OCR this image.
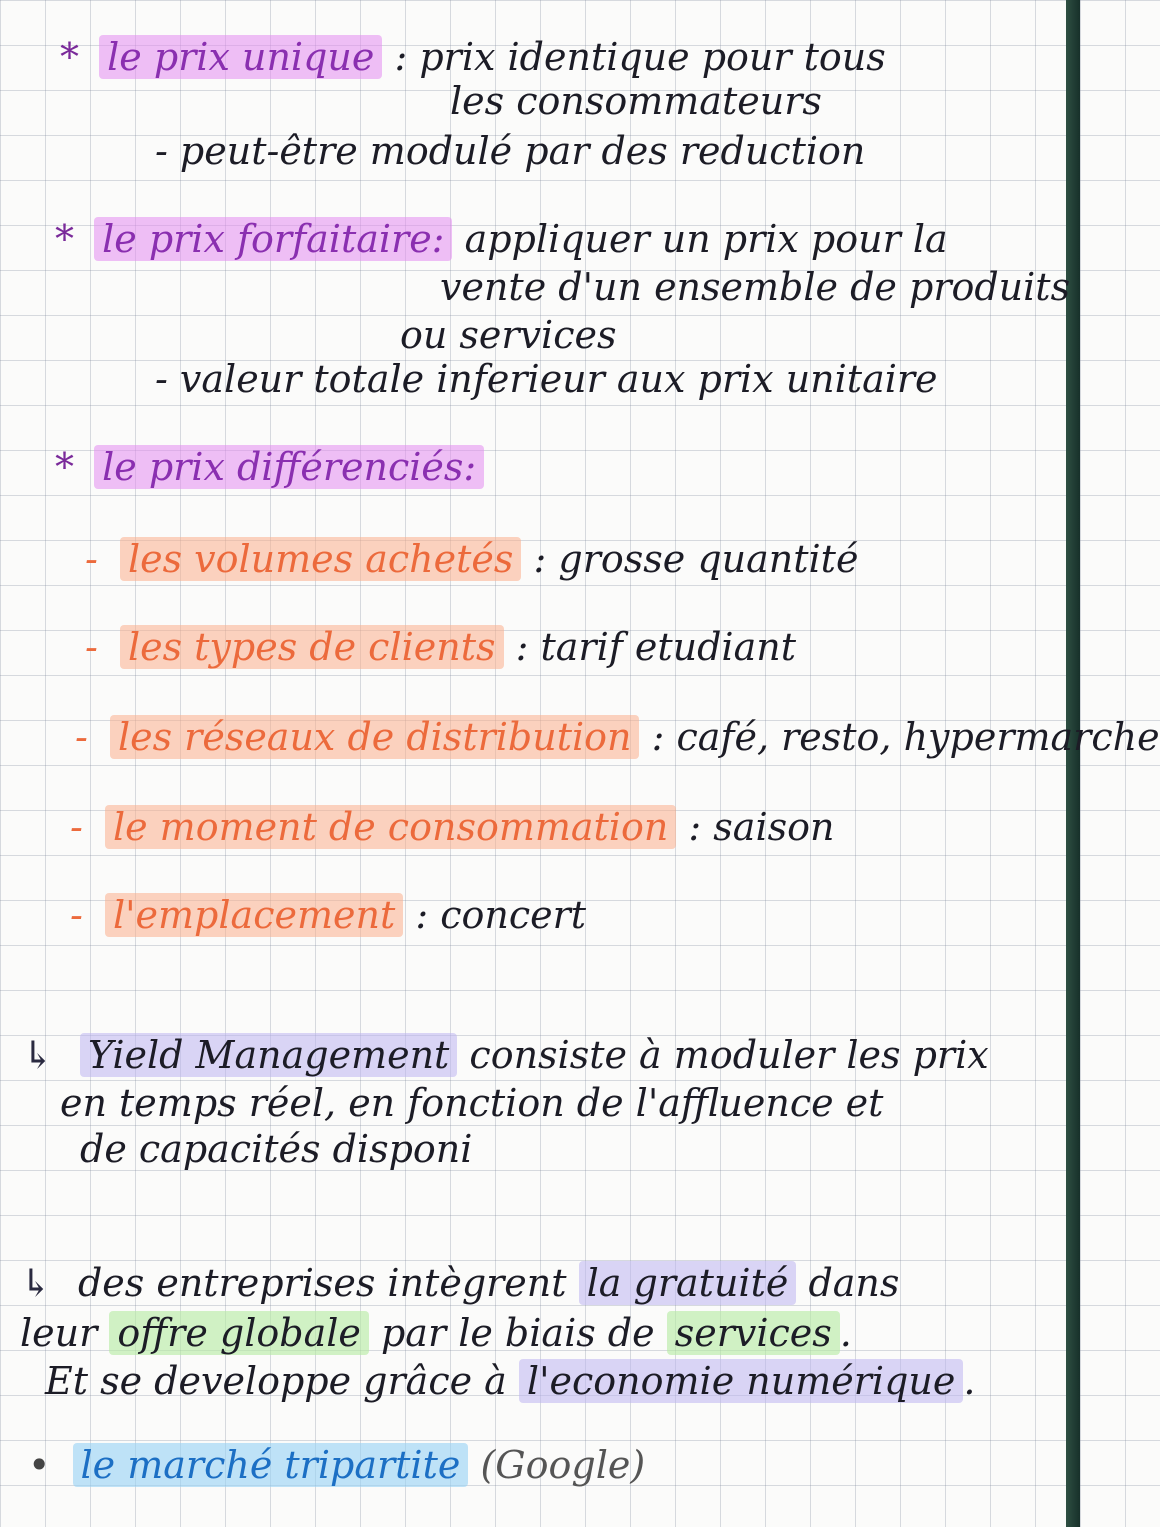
* le prix unique : prix identique pour tous
les consommateurs
- peut-être modulé par des reduction
* le prix forfaitaire: appliquer un prix pour la
vente d'un ensemble de produits
ou services
- valeur totale inferieur aux prix unitaire
* le prix différenciés:
- les volumes achetés : grosse quantité
- les types de clients : tarif etudiant
- les réseaux de distribution : café, resto, hypermarche
- le moment de consommation : saison
- l'emplacement : concert
↳ Yield Management consiste à moduler les prix
en temps réel, en fonction de l'affluence et
de capacités disponi
↳ des entreprises intègrent la gratuité dans
leur offre globale par le biais de services .
Et se developpe grâce à l'economie numérique .
• le marché tripartite (Google)
